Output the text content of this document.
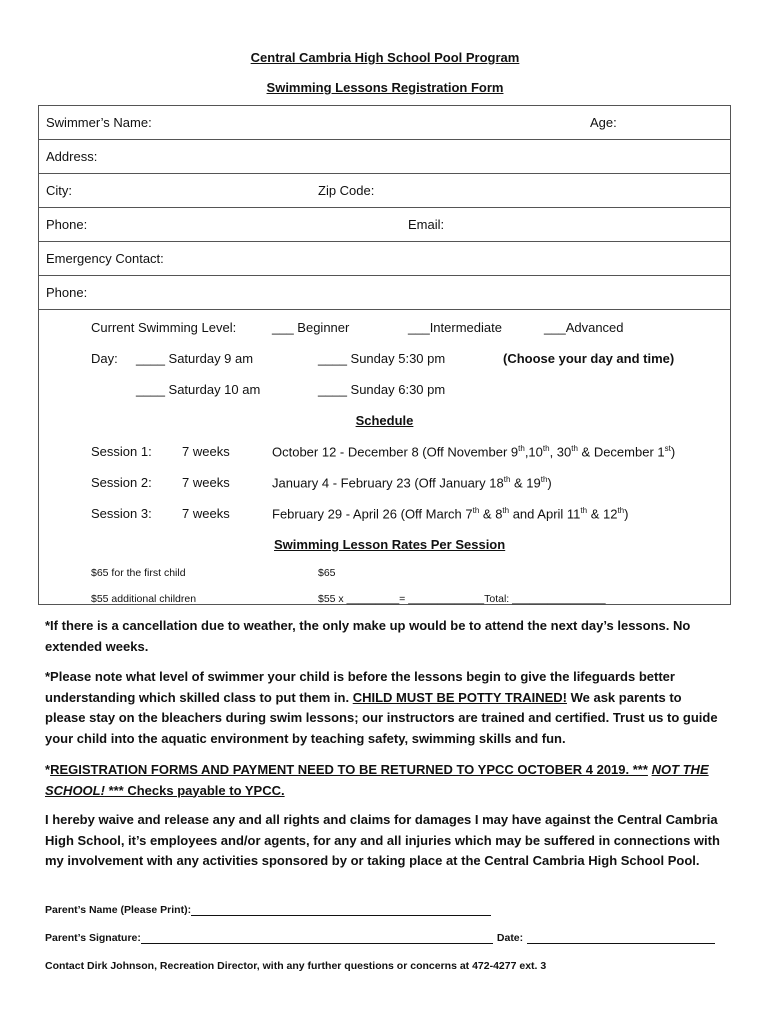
Central Cambria High School Pool Program
Swimming Lessons Registration Form
Swimmer’s Name:	Age:
Address:
City:	Zip Code:
Phone:	Email:
Emergency Contact:
Phone:
Current Swimming Level:	___ Beginner	___Intermediate	___Advanced
Day: ____ Saturday 9 am	____ Sunday 5:30 pm	(Choose your day and time)
____ Saturday 10 am	____ Sunday 6:30 pm
Schedule
Session 1: 7 weeks	October 12 - December 8 (Off November 9th,10th, 30th & December 1st)
Session 2: 7 weeks	January 4 - February 23 (Off January 18th & 19th)
Session 3: 7 weeks	February 29 - April 26 (Off March 7th & 8th and April 11th & 12th)
Swimming Lesson Rates Per Session
$65 for the first child	$65
$55 additional children	$55 x _________= _____________Total: ________________
*If there is a cancellation due to weather, the only make up would be to attend the next day’s lessons. No extended weeks.
*Please note what level of swimmer your child is before the lessons begin to give the lifeguards better understanding which skilled class to put them in. CHILD MUST BE POTTY TRAINED! We ask parents to please stay on the bleachers during swim lessons; our instructors are trained and certified. Trust us to guide your child into the aquatic environment by teaching safety, swimming skills and fun.
*REGISTRATION FORMS AND PAYMENT NEED TO BE RETURNED TO YPCC OCTOBER 4 2019. *** NOT THE SCHOOL! *** Checks payable to YPCC.
I hereby waive and release any and all rights and claims for damages I may have against the Central Cambria High School, it’s employees and/or agents, for any and all injuries which may be suffered in connections with my involvement with any activities sponsored by or taking place at the Central Cambria High School Pool.
Parent’s Name (Please Print):
Parent’s Signature:	Date:
Contact Dirk Johnson, Recreation Director, with any further questions or concerns at 472-4277 ext. 3
